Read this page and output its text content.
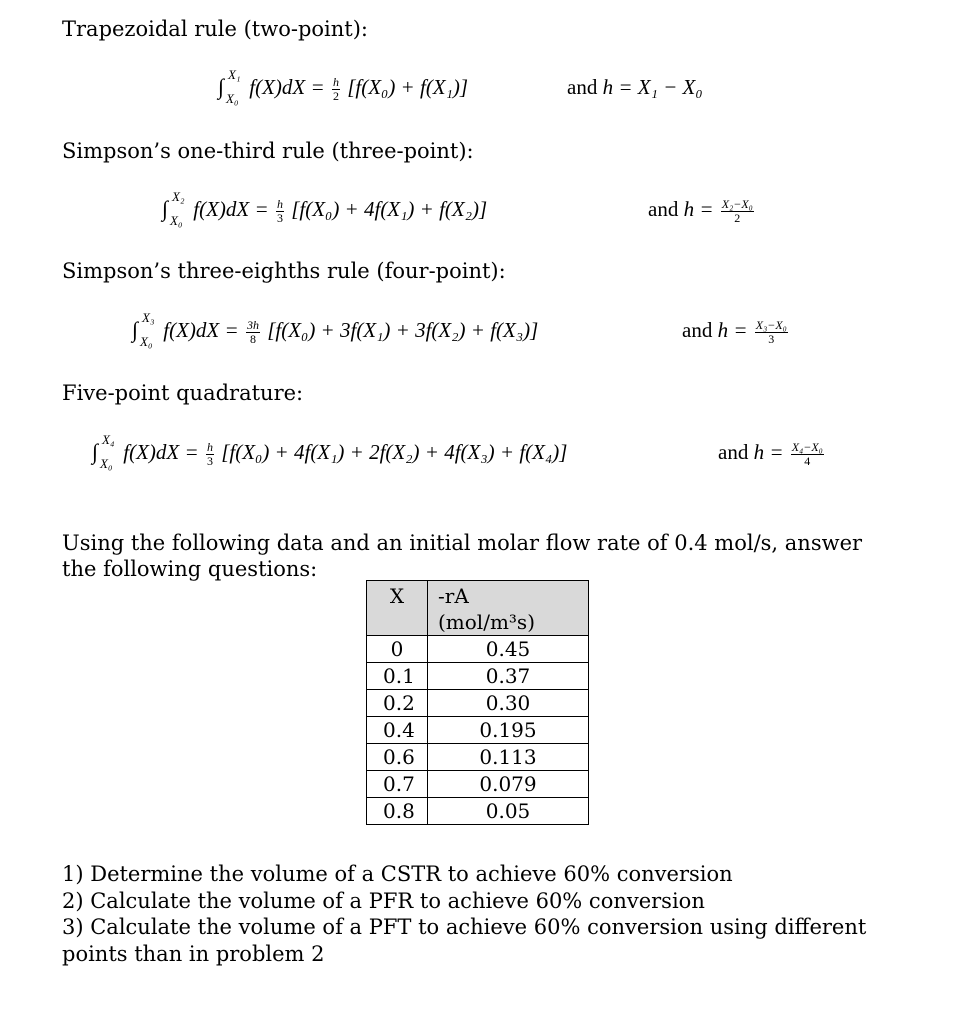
Trapezoidal rule (two-point):
∫ X₁
X₀ $f(X)dX = \frac{h}{2} [f(X_0) + f(X_1)]$	and h = X₁ − X₀
Simpson’s one-third rule (three-point):
∫ X₂
X₀ $f(X)dX = \frac{h}{3} [f(X_0) + 4f(X_1) + f(X_2)]$	and $h = \frac{\text{X₂−X₀}}{2}$
Simpson’s three-eighths rule (four-point):
∫ X₃
X₀ $f(X)dX = \frac{3h}{8} [f(X_0) + 3f(X_1) + 3f(X_2) + f(X_3)]$	and $h = \frac{\text{X₃−X₀}}{3}$
Five-point quadrature:
∫ X₄
X₀ $f(X)dX = \frac{h}{3} [f(X_0) + 4f(X_1) + 2f(X_2) + 4f(X_3) + f(X_4)]$	and $h = \frac{\text{X₄−X₀}}{4}$
Using the following data and an initial molar flow rate of 0.4 mol/s, answer the following questions:
X	-rA
(mol/m³s)

0	0.45
0.1	0.37
0.2	0.30
0.4	0.195
0.6	0.113
0.7	0.079
0.8	0.05
1) Determine the volume of a CSTR to achieve 60% conversion
2) Calculate the volume of a PFR to achieve 60% conversion
3) Calculate the volume of a PFT to achieve 60% conversion using different points than in problem 2
